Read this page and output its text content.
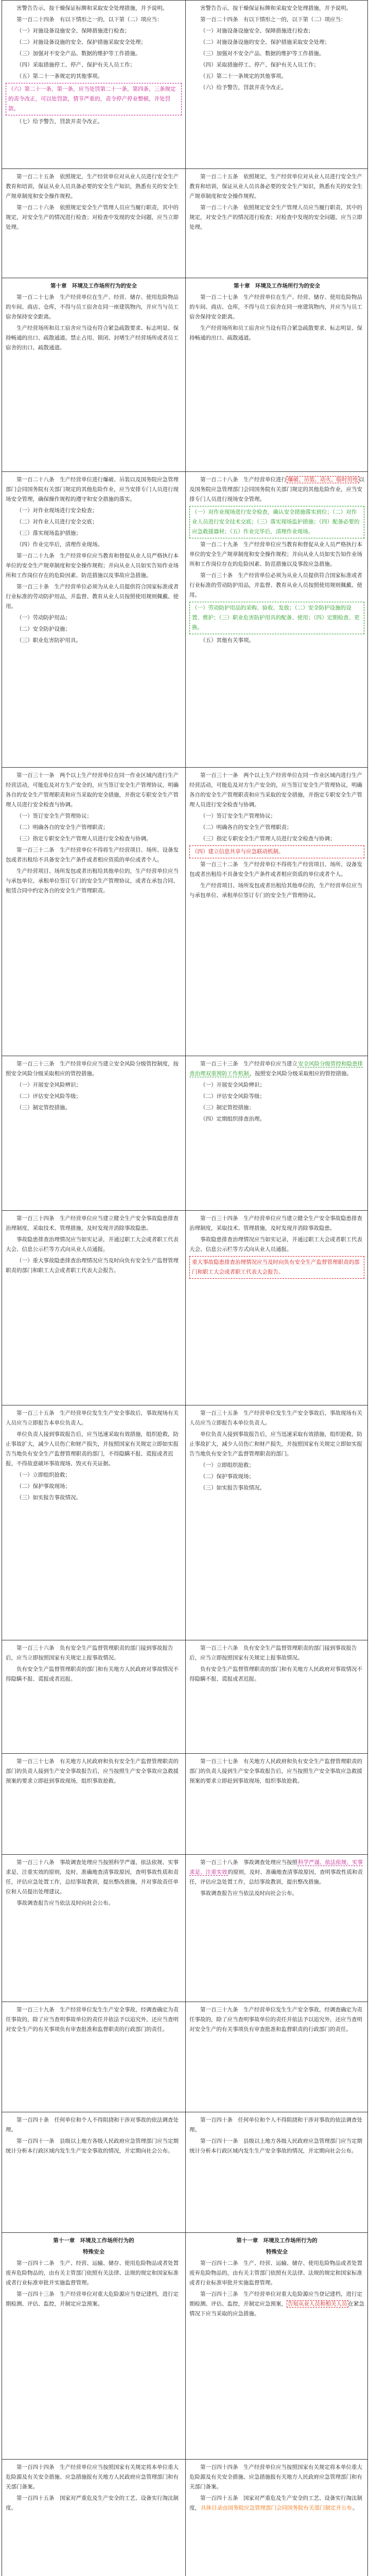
害警告告示，按干燥保证标牌和采取安全处理措施，并予说明。

第一百二十四条　有以下情形之一的，以下第（二）项应当：

（一）对施设备设施安全、保障措施进行检查；

（二）对施设备设施的安全、保护措施采取安全处理；

（三）加强对不安全产品、数据的维护等工作措施。

（四）采取措施停工、停产、保护有关人员工作；

（五）第二十一条规定的其他事项。

（六）第二十一条，第一条，应当处罚第二十一条，第四条，三条规定的责令改正，可以处罚款，情节严重的，责令停产停业整顿，并处罚款。

（七）给予警告，罚款并责令改正。

害警告告示，按干燥保证标牌和采取安全处理措施，并予说明。

第一百二十四条　有以下情形之一的，以下第（二）项应当：

（一）对施设备设施安全、保障措施进行检查；

（二）对施设备设施的安全、保护措施采取安全处理；

（三）加强对不安全产品、数据的维护等工作措施。

（四）采取措施停工、停产、保护有关人员工作；

（五）第二十一条规定的其他事项。

（六）给予警告，罚款并责令改正。

第一百二十五条　依照规定，生产经营单位对从业人员进行安全生产教育和培训，保证从业人员具备必要的安全生产知识，熟悉有关的安全生产规章制度和安全操作规程。

第一百二十六条　依照规定安全生产管理人员应当履行职责，其中的规定，对安全生产的情况进行检查；对检查中发现的安全问题，应当立即处理。

第一百二十五条　依照规定，生产经营单位对从业人员进行安全生产教育和培训，保证从业人员具备必要的安全生产知识，熟悉有关的安全生产规章制度和安全操作规程。

第一百二十六条　依照规定安全生产管理人员应当履行职责，其中的规定，对安全生产的情况进行检查；对检查中发现的安全问题，应当立即处理。

第十章　环境及工作场所行为的安全

第一百二十七条　生产经营单位在生产、经营、储存、使用危险物品的车间、商店、仓库，不得与员工宿舍在同一座建筑物内，并应当与员工宿舍保持安全距离。

生产经营场所和员工宿舍应当设有符合紧急疏散要求、标志明显、保持畅通的出口、疏散通道。禁止占用、锁闭、封堵生产经营场所或者员工宿舍的出口、疏散通道。

第十章　环境及工作场所行为的安全

第一百二十七条　生产经营单位在生产、经营、储存、使用危险物品的车间、商店、仓库，不得与员工宿舍在同一座建筑物内，并应当与员工宿舍保持安全距离。

生产经营场所和员工宿舍应当设有符合紧急疏散要求、标志明显、保持畅通的出口、疏散通道。

第一百二十八条　生产经营单位进行爆破、吊装以及国务院应急管理部门会同国务院有关部门规定的其他危险作业，应当安排专门人员进行现场安全管理，确保操作规程的遵守和安全措施的落实。

（一）对作业现场进行安全检查；

（二）对作业人员进行安全交底；

（三）落实现场监护措施；

（四）作业完毕后，清理作业现场。

第一百二十九条　生产经营单位应当教育和督促从业人员严格执行本单位的安全生产规章制度和安全操作规程；并向从业人员如实告知作业场所和工作岗位存在的危险因素、防范措施以及事故应急措施。

第一百三十条　生产经营单位必须为从业人员提供符合国家标准或者行业标准的劳动防护用品，并监督、教育从业人员按照使用规则佩戴、使用。

（一）劳动防护用品；

（二）安全防护设施；

（三）职业危害防护用具。

第一百二十八条　生产经营单位进行 爆破、吊装、动火、临时用电 以及国务院应急管理部门会同国务院有关部门规定的其他危险作业，应当安排专门人员进行现场安全管理。

（一）对作业现场进行安全检查，确认安全措施落实到位；（二）对作业人员进行安全技术交底；（三）落实现场监护措施；（四）配备必要的应急救援器材；（五）作业完毕后，清理作业现场。

第一百二十九条　生产经营单位应当教育和督促从业人员严格执行本单位的安全生产规章制度和安全操作规程；并向从业人员如实告知作业场所和工作岗位存在的危险因素、防范措施以及事故应急措施。

第一百三十条　生产经营单位必须为从业人员提供符合国家标准或者行业标准的劳动防护用品，并监督、教育从业人员按照使用规则佩戴、使用。

（一）劳动防护用品的采购、验收、发放；（二）安全防护设施的设置、维护；（三）职业危害防护用具的配备、使用；（四）定期检查、更换。

（五）其他有关事项。

第一百三十一条　两个以上生产经营单位在同一作业区域内进行生产经营活动，可能危及对方生产安全的，应当签订安全生产管理协议，明确各自的安全生产管理职责和应当采取的安全措施，并指定专职安全生产管理人员进行安全检查与协调。

（一）签订安全生产管理协议；

（二）明确各自的安全生产管理职责；

（三）指定专职安全生产管理人员进行安全检查与协调。

第一百三十二条　生产经营单位不得将生产经营项目、场所、设备发包或者出租给不具备安全生产条件或者相应资质的单位或者个人。

生产经营项目、场所发包或者出租给其他单位的，生产经营单位应当与承包单位、承租单位签订专门的安全生产管理协议，或者在承包合同、租赁合同中约定各自的安全生产管理职责。

第一百三十一条　两个以上生产经营单位在同一作业区域内进行生产经营活动，可能危及对方生产安全的，应当签订安全生产管理协议，明确各自的安全生产管理职责和应当采取的安全措施，并指定专职安全生产管理人员进行安全检查与协调。

（一）签订安全生产管理协议；

（二）明确各自的安全生产管理职责；

（三）指定专职安全生产管理人员进行安全检查与协调；

（四）建立信息共享与应急联动机制。

第一百三十二条　生产经营单位不得将生产经营项目、场所、设备发包或者出租给不具备安全生产条件或者相应资质的单位或者个人。

生产经营项目、场所发包或者出租给其他单位的，生产经营单位应当与承包单位、承租单位签订专门的安全生产管理协议。

第一百三十三条　生产经营单位应当建立安全风险分级管控制度，按照安全风险分级采取相应的管控措施。

（一）开展安全风险辨识；

（二）评估安全风险等级；

（三）制定管控措施。

第一百三十三条　生产经营单位应当建立安全风险分级管控和隐患排查治理双重预防工作机制，按照安全风险分级采取相应的管控措施。

（一）开展安全风险辨识；

（二）评估安全风险等级；

（三）制定管控措施；

（四）定期组织排查治理。

第一百三十四条　生产经营单位应当建立健全生产安全事故隐患排查治理制度，采取技术、管理措施，及时发现并消除事故隐患。

事故隐患排查治理情况应当如实记录，并通过职工大会或者职工代表大会、信息公示栏等方式向从业人员通报。

（一）重大事故隐患排查治理情况应当及时向负有安全生产监督管理职责的部门和职工大会或者职工代表大会报告。

第一百三十四条　生产经营单位应当建立健全生产安全事故隐患排查治理制度，采取技术、管理措施，及时发现并消除事故隐患。

事故隐患排查治理情况应当如实记录，并通过职工大会或者职工代表大会、信息公示栏等方式向从业人员通报。

重大事故隐患排查治理情况应当及时向负有安全生产监督管理职责的部门和职工大会或者职工代表大会报告。

第一百三十五条　生产经营单位发生生产安全事故后，事故现场有关人员应当立即报告本单位负责人。

单位负责人接到事故报告后，应当迅速采取有效措施，组织抢救，防止事故扩大，减少人员伤亡和财产损失，并按照国家有关规定立即如实报告当地负有安全生产监督管理职责的部门，不得隐瞒不报、谎报或者迟报，不得故意破坏事故现场、毁灭有关证据。

（一）立即组织抢救；

（二）保护事故现场；

（三）如实报告事故情况。

第一百三十五条　生产经营单位发生生产安全事故后，事故现场有关人员应当立即报告本单位负责人。

单位负责人接到事故报告后，应当迅速采取有效措施，组织抢救，防止事故扩大，减少人员伤亡和财产损失，并按照国家有关规定立即如实报告当地负有安全生产监督管理职责的部门。

（一）立即组织抢救；

（二）保护事故现场；

（三）如实报告事故情况。

第一百三十六条　负有安全生产监督管理职责的部门接到事故报告后，应当立即按照国家有关规定上报事故情况。

负有安全生产监督管理职责的部门和有关地方人民政府对事故情况不得隐瞒不报、谎报或者迟报。

第一百三十六条　负有安全生产监督管理职责的部门接到事故报告后，应当立即按照国家有关规定上报事故情况。

负有安全生产监督管理职责的部门和有关地方人民政府对事故情况不得隐瞒不报、谎报或者迟报。

第一百三十七条　有关地方人民政府和负有安全生产监督管理职责的部门的负责人接到生产安全事故报告后，应当按照生产安全事故应急救援预案的要求立即赶到事故现场，组织事故抢救。

第一百三十七条　有关地方人民政府和负有安全生产监督管理职责的部门的负责人接到生产安全事故报告后，应当按照生产安全事故应急救援预案的要求立即赶到事故现场，组织事故抢救。

第一百三十八条　事故调查处理应当按照科学严谨、依法依规、实事求是、注重实效的原则，及时、准确地查清事故原因，查明事故性质和责任，评估应急处置工作，总结事故教训，提出整改措施，并对事故责任单位和人员提出处理建议。

事故调查报告应当依法及时向社会公布。

第一百三十八条　事故调查处理应当按照科学严谨、依法依规、实事求是、注重实效的原则，及时、准确地查清事故原因，查明事故性质和责任，评估应急处置工作，总结事故教训，提出整改措施。

事故调查报告应当依法及时向社会公布。

第一百三十九条　生产经营单位发生生产安全事故，经调查确定为责任事故的，除了应当查明事故单位的责任并依法予以追究外，还应当查明对安全生产的有关事项负有审查批准和监督职责的行政部门的责任。

第一百三十九条　生产经营单位发生生产安全事故，经调查确定为责任事故的，除了应当查明事故单位的责任并依法予以追究外，还应当查明对安全生产的有关事项负有审查批准和监督职责的行政部门的责任。

第一百四十条　任何单位和个人不得阻挠和干涉对事故的依法调查处理。

第一百四十一条　县级以上地方各级人民政府应急管理部门应当定期统计分析本行政区域内发生生产安全事故的情况，并定期向社会公布。

第一百四十条　任何单位和个人不得阻挠和干涉对事故的依法调查处理。

第一百四十一条　县级以上地方各级人民政府应急管理部门应当定期统计分析本行政区域内发生生产安全事故的情况，并定期向社会公布。

第十一章　环境及工作场所行为的

特殊安全

第一百四十二条　生产、经营、运输、储存、使用危险物品或者处置废弃危险物品的，由有关主管部门依照有关法律、法规的规定和国家标准或者行业标准审批并实施监督管理。

第一百四十三条　生产经营单位对重大危险源应当登记建档，进行定期检测、评估、监控，并制定应急预案。

第十一章　环境及工作场所行为的

特殊安全

第一百四十二条　生产、经营、运输、储存、使用危险物品或者处置废弃危险物品的，由有关主管部门依照有关法律、法规的规定和国家标准或者行业标准审批并实施监督管理。

第一百四十三条　生产经营单位对重大危险源应当登记建档，进行定期检测、评估、监控，并制定应急预案， 告知从业人员和相关人员 在紧急情况下应当采取的应急措施。

第一百四十四条　生产经营单位应当按照国家有关规定将本单位重大危险源及有关安全措施、应急措施报有关地方人民政府应急管理部门和有关部门备案。

第一百四十五条　国家对严重危及生产安全的工艺、设备实行淘汰制度。

第一百四十四条　生产经营单位应当按照国家有关规定将本单位重大危险源及有关安全措施、应急措施报有关地方人民政府应急管理部门和有关部门备案。

第一百四十五条　国家对严重危及生产安全的工艺、设备实行淘汰制度，具体目录由国务院应急管理部门会同国务院有关部门制定并公布。
